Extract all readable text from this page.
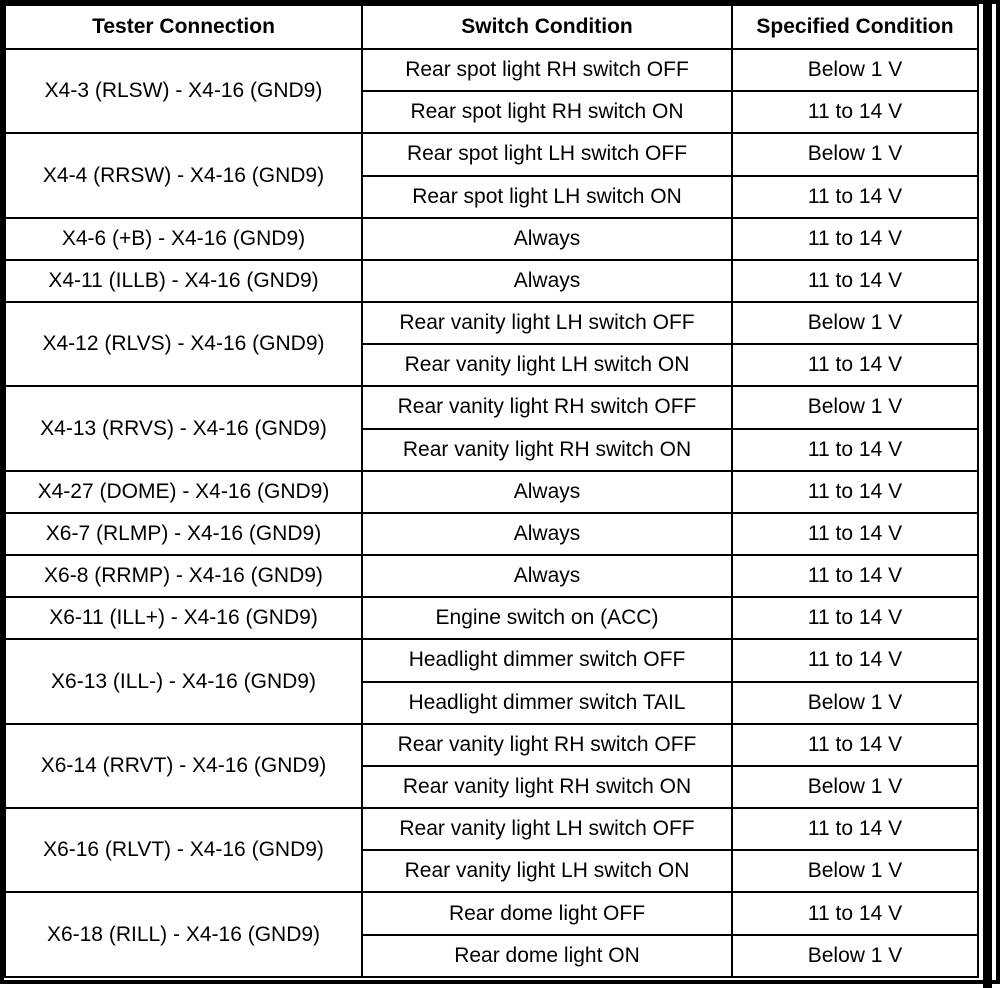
Tester Connection	Switch Condition	Specified Condition
X4-3 (RLSW) - X4-16 (GND9)	Rear spot light RH switch OFF	Below 1 V
	Rear spot light RH switch ON	11 to 14 V
X4-4 (RRSW) - X4-16 (GND9)	Rear spot light LH switch OFF	Below 1 V
	Rear spot light LH switch ON	11 to 14 V
X4-6 (+B) - X4-16 (GND9)	Always	11 to 14 V
X4-11 (ILLB) - X4-16 (GND9)	Always	11 to 14 V
X4-12 (RLVS) - X4-16 (GND9)	Rear vanity light LH switch OFF	Below 1 V
	Rear vanity light LH switch ON	11 to 14 V
X4-13 (RRVS) - X4-16 (GND9)	Rear vanity light RH switch OFF	Below 1 V
	Rear vanity light RH switch ON	11 to 14 V
X4-27 (DOME) - X4-16 (GND9)	Always	11 to 14 V
X6-7 (RLMP) - X4-16 (GND9)	Always	11 to 14 V
X6-8 (RRMP) - X4-16 (GND9)	Always	11 to 14 V
X6-11 (ILL+) - X4-16 (GND9)	Engine switch on (ACC)	11 to 14 V
X6-13 (ILL-) - X4-16 (GND9)	Headlight dimmer switch OFF	11 to 14 V
	Headlight dimmer switch TAIL	Below 1 V
X6-14 (RRVT) - X4-16 (GND9)	Rear vanity light RH switch OFF	11 to 14 V
	Rear vanity light RH switch ON	Below 1 V
X6-16 (RLVT) - X4-16 (GND9)	Rear vanity light LH switch OFF	11 to 14 V
	Rear vanity light LH switch ON	Below 1 V
X6-18 (RILL) - X4-16 (GND9)	Rear dome light OFF	11 to 14 V
	Rear dome light ON	Below 1 V
